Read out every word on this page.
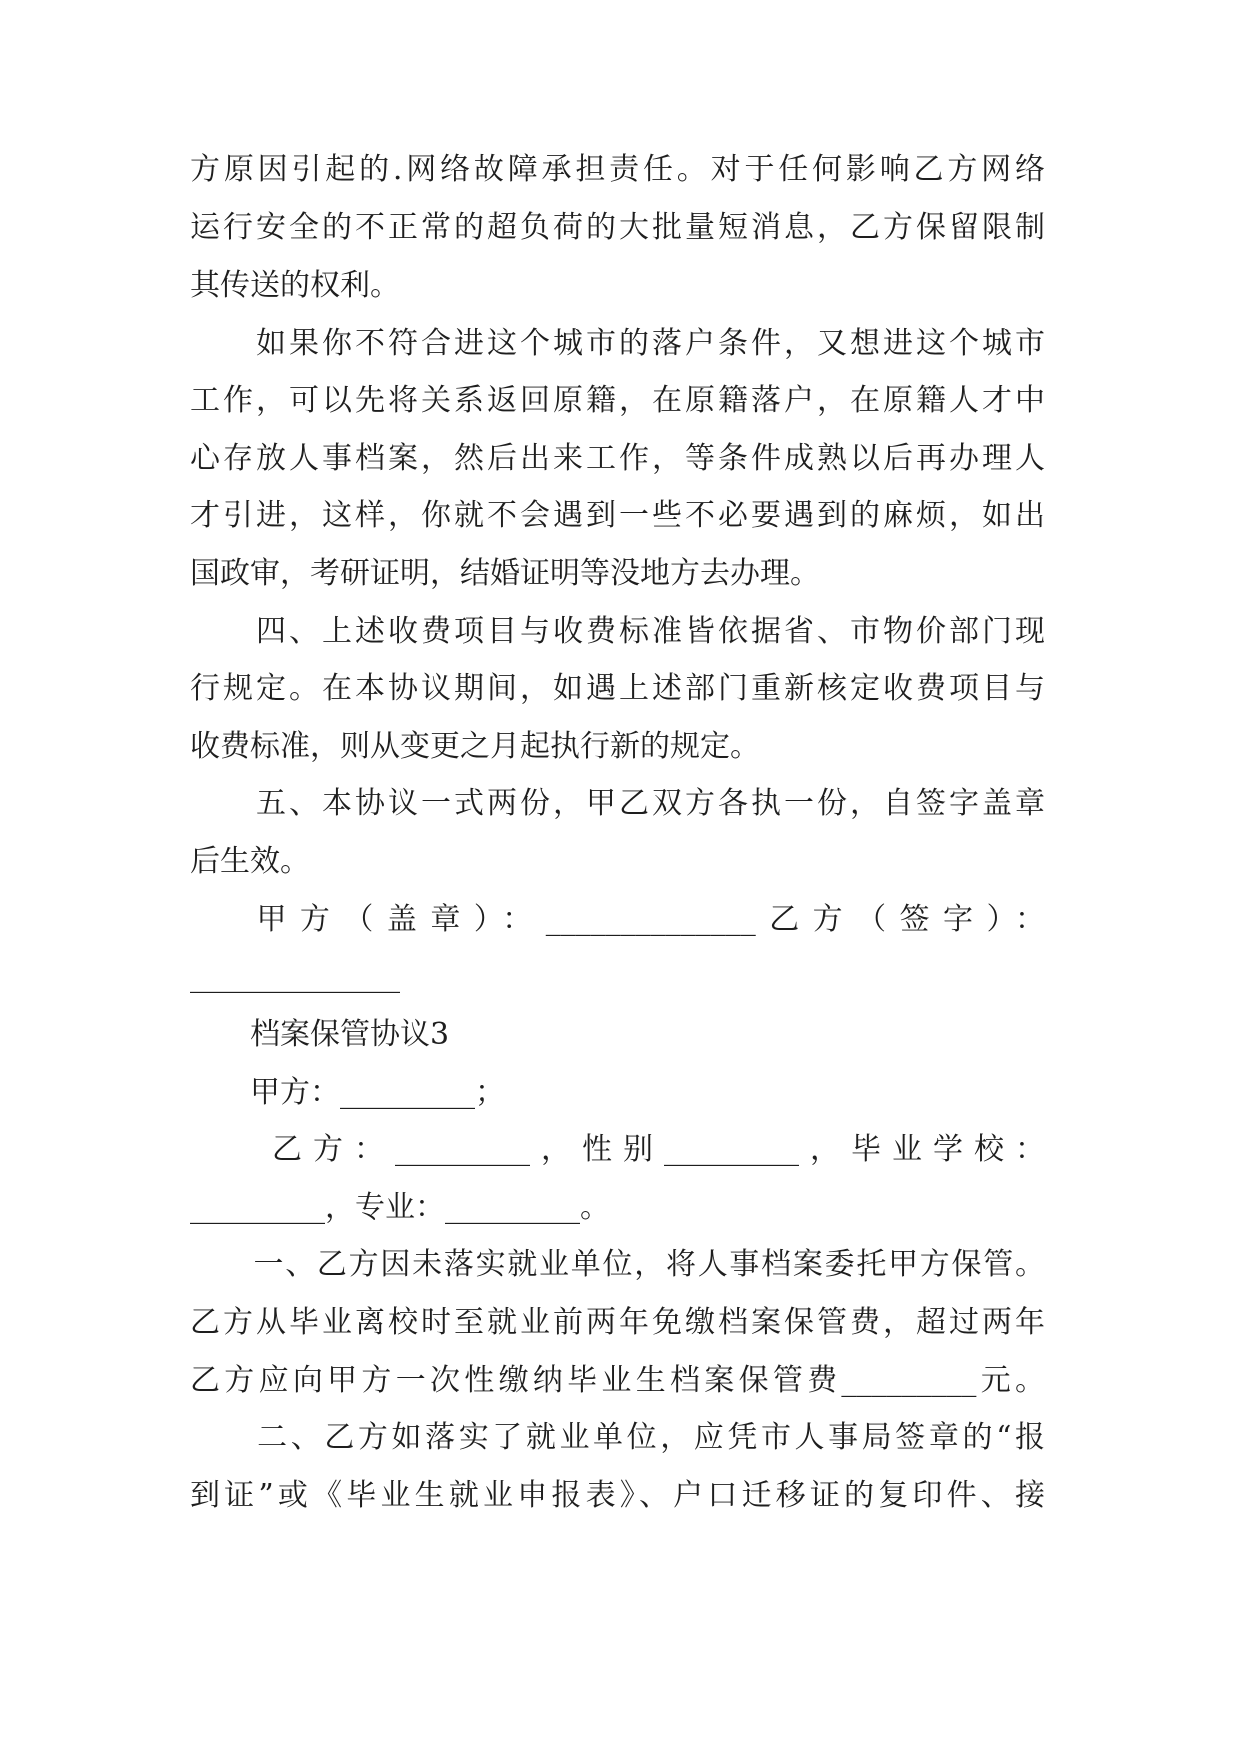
方原因引起的.网络故障承担责任。对于任何影响乙方网络
运行安全的不正常的超负荷的大批量短消息，乙方保留限制
其传送的权利。
　　如果你不符合进这个城市的落户条件，又想进这个城市
工作，可以先将关系返回原籍，在原籍落户，在原籍人才中
心存放人事档案，然后出来工作，等条件成熟以后再办理人
才引进，这样，你就不会遇到一些不必要遇到的麻烦，如出
国政审，考研证明，结婚证明等没地方去办理。
　　四、上述收费项目与收费标准皆依据省、市物价部门现
行规定。在本协议期间，如遇上述部门重新核定收费项目与
收费标准，则从变更之月起执行新的规定。
　　五、本协议一式两份，甲乙双方各执一份，自签字盖章
后生效。
　 甲方（盖章）：______________乙方（签字）：
______________
　　档案保管协议3
　　甲方：_________；
　　乙方：_________，性别_________，毕业学校：
_________，专业：_________。
　　一、乙方因未落实就业单位，将人事档案委托甲方保管。
乙方从毕业离校时至就业前两年免缴档案保管费，超过两年
乙方应向甲方一次性缴纳毕业生档案保管费_________元。
　　二、乙方如落实了就业单位，应凭市人事局签章的“报
到证”或《毕业生就业申报表》、户口迁移证的复印件、接
